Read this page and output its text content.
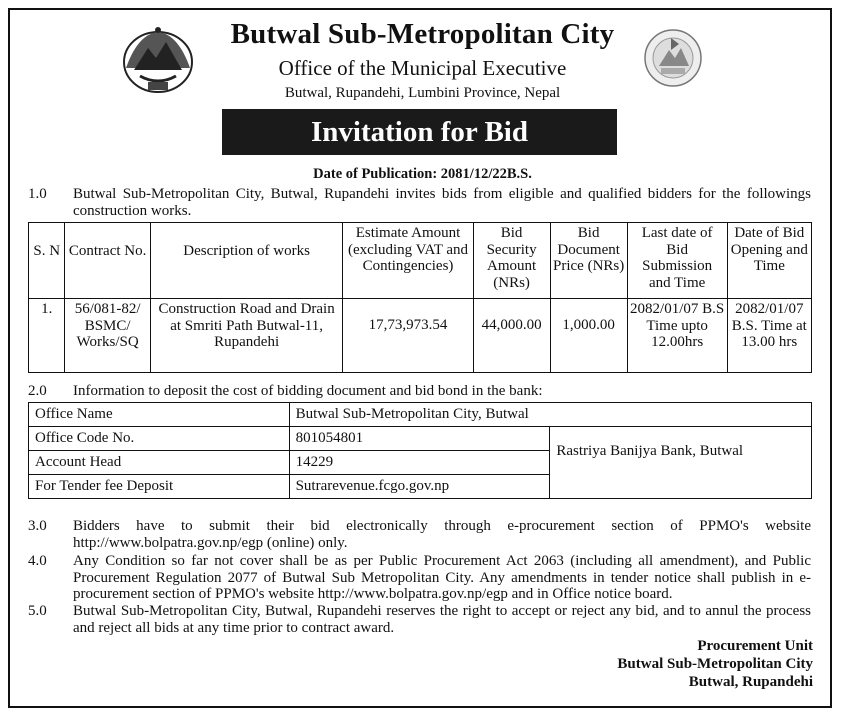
Butwal Sub-Metropolitan City
Office of the Municipal Executive
Butwal, Rupandehi, Lumbini Province, Nepal
Invitation for Bid
Date of Publication: 2081/12/22B.S.
1.0 Butwal Sub-Metropolitan City, Butwal, Rupandehi invites bids from eligible and qualified bidders for the followings construction works.
S. N	Contract No.	Description of works	Estimate Amount (excluding VAT and Contingencies)	Bid Security Amount (NRs)	Bid Document Price (NRs)	Last date of Bid Submission and Time	Date of Bid Opening and Time
1.	56/081-82/ BSMC/ Works/SQ	Construction Road and Drain at Smriti Path Butwal-11, Rupandehi	17,73,973.54	44,000.00	1,000.00	2082/01/07 B.S Time upto 12.00hrs	2082/01/07 B.S. Time at 13.00 hrs
2.0 Information to deposit the cost of bidding document and bid bond in the bank:
Office Name	Butwal Sub-Metropolitan City, Butwal	
Office Code No.	801054801	Rastriya Banijya Bank, Butwal
Account Head	14229	
For Tender fee Deposit	Sutrarevenue.fcgo.gov.np	
3.0 Bidders have to submit their bid electronically through e-procurement section of PPMO's website http://www.bolpatra.gov.np/egp (online) only.
4.0 Any Condition so far not cover shall be as per Public Procurement Act 2063 (including all amendment), and Public Procurement Regulation 2077 of Butwal Sub Metropolitan City. Any amendments in tender notice shall publish in e-procurement section of PPMO's website http://www.bolpatra.gov.np/egp and in Office notice board.
5.0 Butwal Sub-Metropolitan City, Butwal, Rupandehi reserves the right to accept or reject any bid, and to annul the process and reject all bids at any time prior to contract award.
Procurement Unit
Butwal Sub-Metropolitan City
Butwal, Rupandehi
